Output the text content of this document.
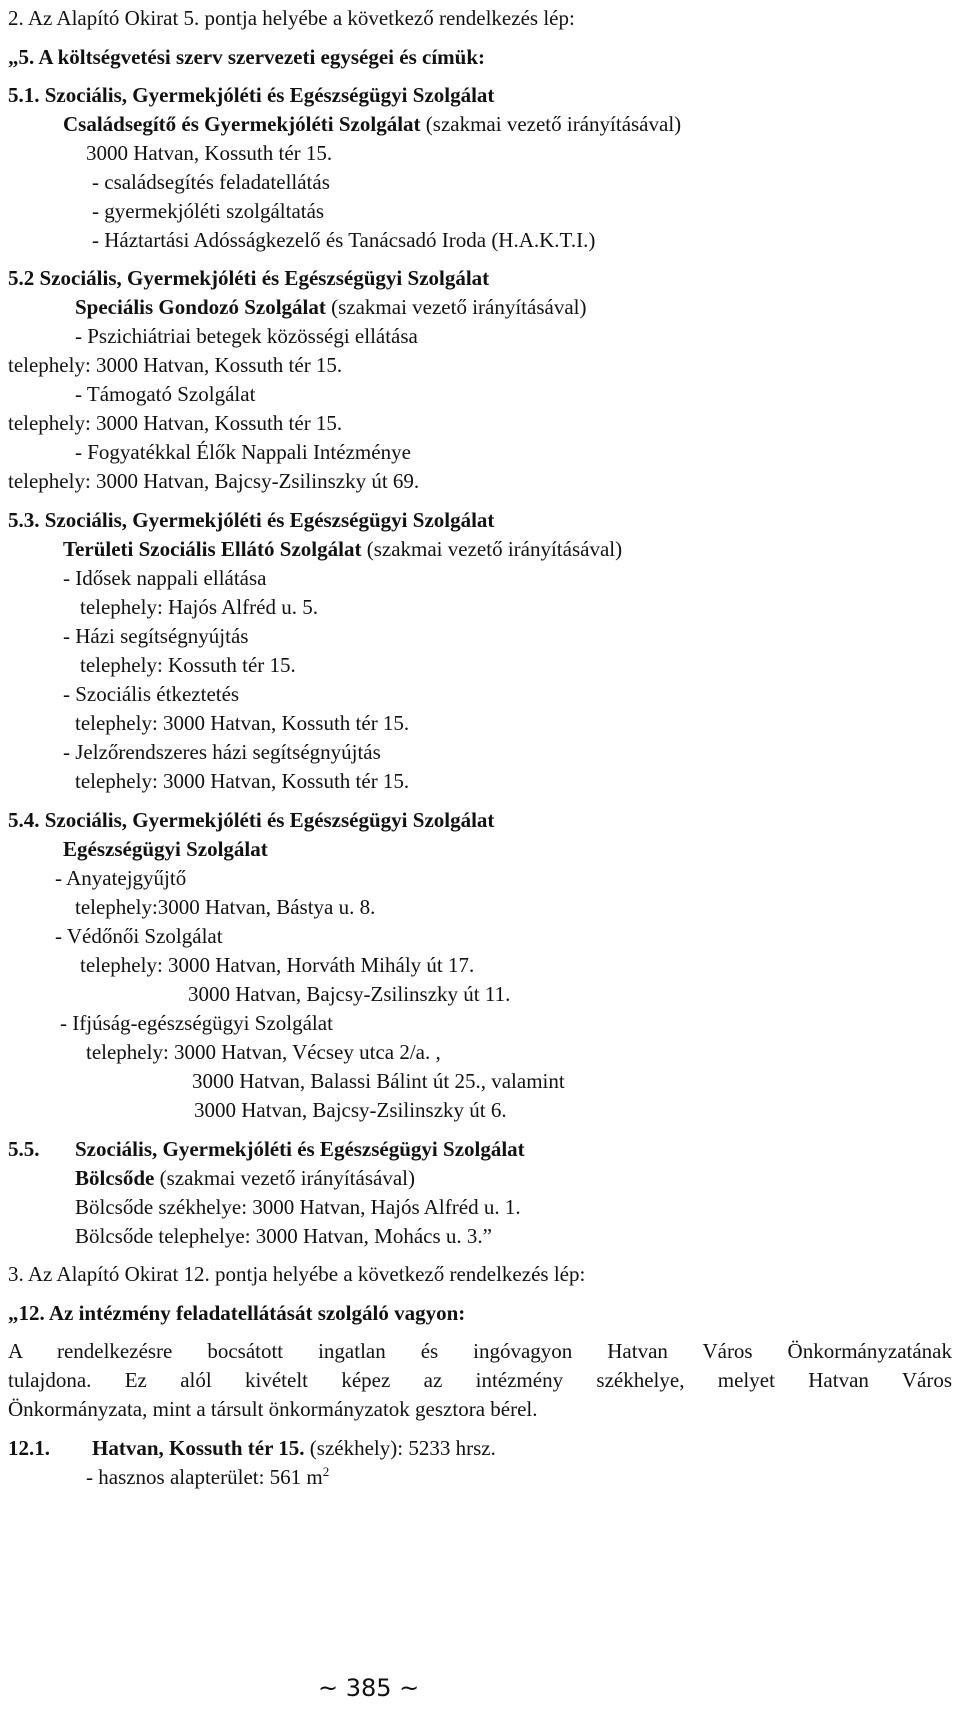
2. Az Alapító Okirat 5. pontja helyébe a következő rendelkezés lép:
„5. A költségvetési szerv szervezeti egységei és címük:
5.1. Szociális, Gyermekjóléti és Egészségügyi Szolgálat
Családsegítő és Gyermekjóléti Szolgálat (szakmai vezető irányításával)
3000 Hatvan, Kossuth tér 15.
- családsegítés feladatellátás
- gyermekjóléti szolgáltatás
- Háztartási Adósságkezelő és Tanácsadó Iroda (H.A.K.T.I.)
5.2 Szociális, Gyermekjóléti és Egészségügyi Szolgálat
Speciális Gondozó Szolgálat (szakmai vezető irányításával)
- Pszichiátriai betegek közösségi ellátása
telephely: 3000 Hatvan, Kossuth tér 15.
- Támogató Szolgálat
telephely: 3000 Hatvan, Kossuth tér 15.
- Fogyatékkal Élők Nappali Intézménye
telephely: 3000 Hatvan, Bajcsy-Zsilinszky út 69.
5.3. Szociális, Gyermekjóléti és Egészségügyi Szolgálat
Területi Szociális Ellátó Szolgálat (szakmai vezető irányításával)
- Idősek nappali ellátása
telephely: Hajós Alfréd u. 5.
- Házi segítségnyújtás
telephely: Kossuth tér 15.
- Szociális étkeztetés
telephely: 3000 Hatvan, Kossuth tér 15.
- Jelzőrendszeres házi segítségnyújtás
telephely: 3000 Hatvan, Kossuth tér 15.
5.4. Szociális, Gyermekjóléti és Egészségügyi Szolgálat
Egészségügyi Szolgálat
- Anyatejgyűjtő
telephely:3000 Hatvan, Bástya u. 8.
- Védőnői Szolgálat
telephely: 3000 Hatvan, Horváth Mihály út 17.
3000 Hatvan, Bajcsy-Zsilinszky út 11.
- Ifjúság-egészségügyi Szolgálat
telephely: 3000 Hatvan, Vécsey utca 2/a. ,
3000 Hatvan, Balassi Bálint út 25., valamint
3000 Hatvan, Bajcsy-Zsilinszky út 6.
5.5. Szociális, Gyermekjóléti és Egészségügyi Szolgálat
Bölcsőde (szakmai vezető irányításával)
Bölcsőde székhelye: 3000 Hatvan, Hajós Alfréd u. 1.
Bölcsőde telephelye: 3000 Hatvan, Mohács u. 3.”
3. Az Alapító Okirat 12. pontja helyébe a következő rendelkezés lép:
„12. Az intézmény feladatellátását szolgáló vagyon:
A rendelkezésre bocsátott ingatlan és ingóvagyon Hatvan Város Önkormányzatának
tulajdona. Ez alól kivételt képez az intézmény székhelye, melyet Hatvan Város
Önkormányzata, mint a társult önkormányzatok gesztora bérel.
12.1. Hatvan, Kossuth tér 15. (székhely): 5233 hrsz.
- hasznos alapterület: 561 $m^2$
~ 385 ~
